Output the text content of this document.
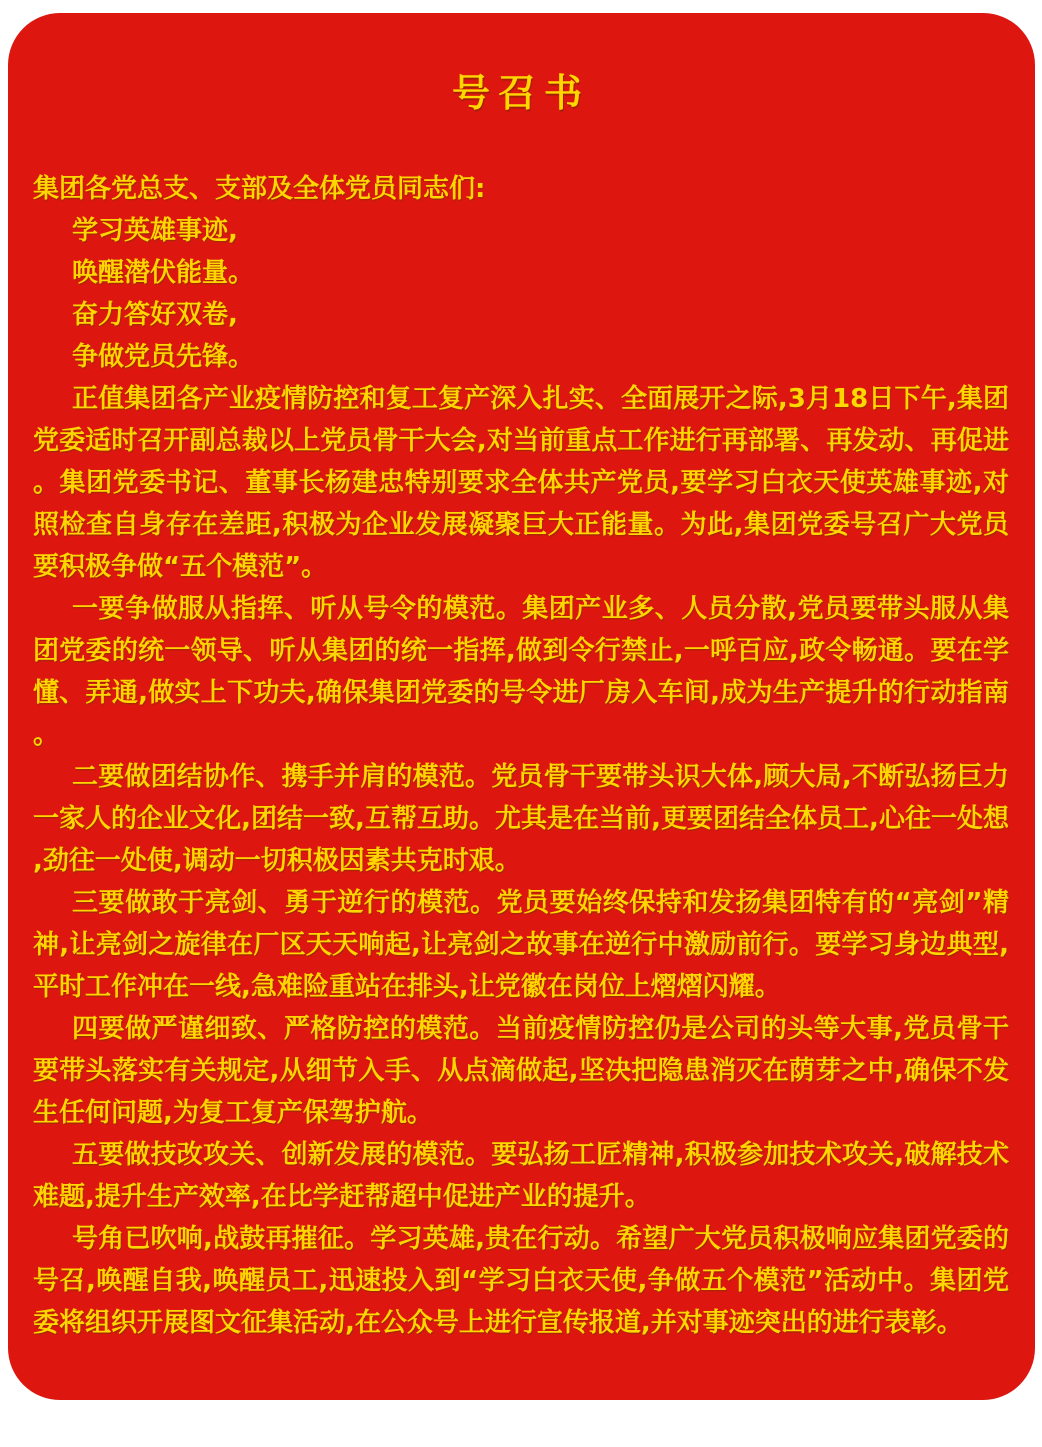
号召书

集团各党总支、支部及全体党员同志们:

学习英雄事迹,

唤醒潜伏能量。

奋力答好双卷,

争做党员先锋。

正值集团各产业疫情防控和复工复产深入扎实、全面展开之际,3月18日下午,集团党委适时召开副总裁以上党员骨干大会,对当前重点工作进行再部署、再发动、再促进。集团党委书记、董事长杨建忠特别要求全体共产党员,要学习白衣天使英雄事迹,对照检查自身存在差距,积极为企业发展凝聚巨大正能量。为此,集团党委号召广大党员要积极争做“五个模范”。

一要争做服从指挥、听从号令的模范。集团产业多、人员分散,党员要带头服从集团党委的统一领导、听从集团的统一指挥,做到令行禁止,一呼百应,政令畅通。要在学懂、弄通,做实上下功夫,确保集团党委的号令进厂房入车间,成为生产提升的行动指南。

二要做团结协作、携手并肩的模范。党员骨干要带头识大体,顾大局,不断弘扬巨力一家人的企业文化,团结一致,互帮互助。尤其是在当前,更要团结全体员工,心往一处想,劲往一处使,调动一切积极因素共克时艰。

三要做敢于亮剑、勇于逆行的模范。党员要始终保持和发扬集团特有的“亮剑”精神,让亮剑之旋律在厂区天天响起,让亮剑之故事在逆行中激励前行。要学习身边典型,平时工作冲在一线,急难险重站在排头,让党徽在岗位上熠熠闪耀。

四要做严谨细致、严格防控的模范。当前疫情防控仍是公司的头等大事,党员骨干要带头落实有关规定,从细节入手、从点滴做起,坚决把隐患消灭在荫芽之中,确保不发生任何问题,为复工复产保驾护航。

五要做技改攻关、创新发展的模范。要弘扬工匠精神,积极参加技术攻关,破解技术难题,提升生产效率,在比学赶帮超中促进产业的提升。

号角已吹响,战鼓再摧征。学习英雄,贵在行动。希望广大党员积极响应集团党委的号召,唤醒自我,唤醒员工,迅速投入到“学习白衣天使,争做五个模范”活动中。集团党委将组织开展图文征集活动,在公众号上进行宣传报道,并对事迹突出的进行表彰。
